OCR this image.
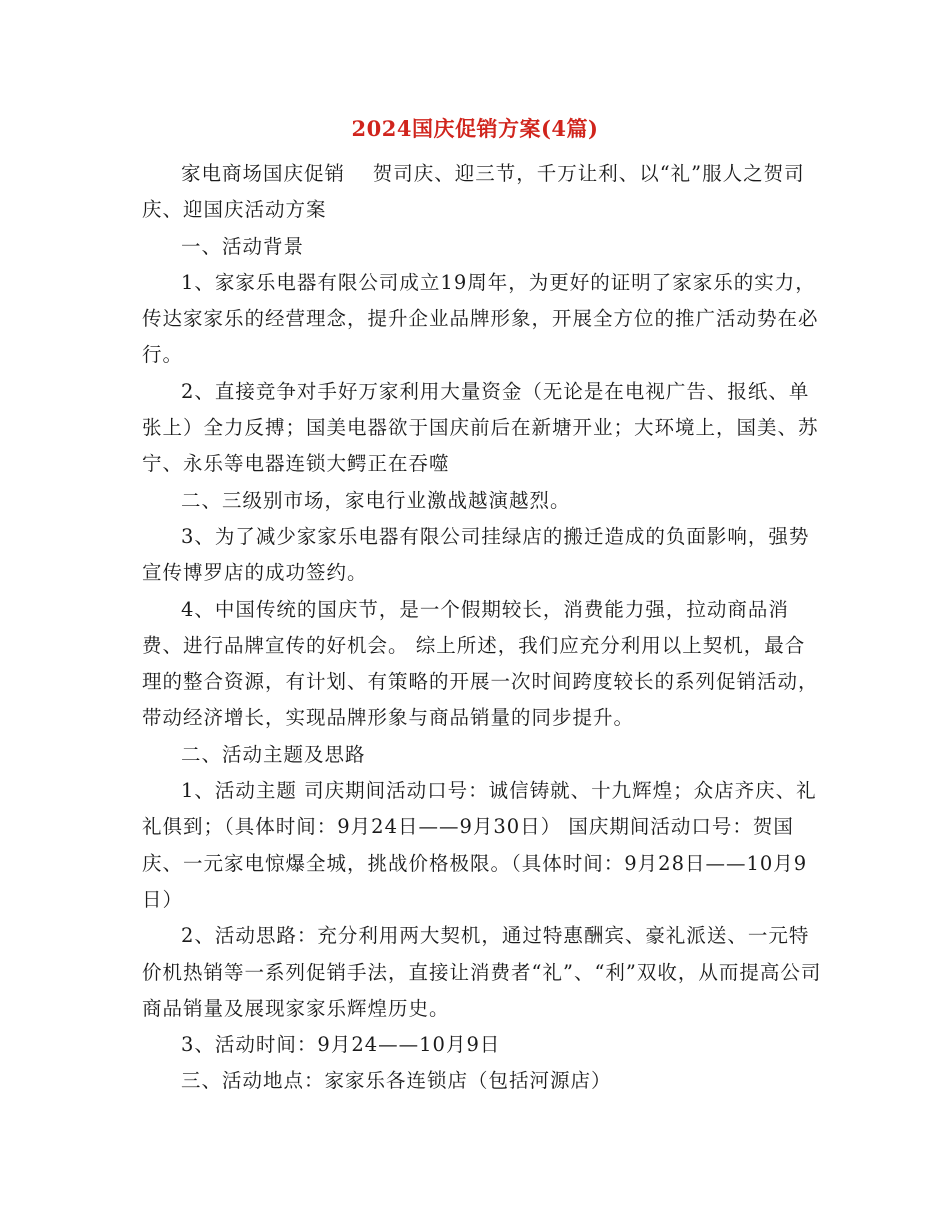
2024国庆促销方案(4篇)

家电商场国庆促销　 贺司庆、迎三节，千万让利、以“礼”服人之贺司庆、迎国庆活动方案

一、活动背景

1、家家乐电器有限公司成立19周年，为更好的证明了家家乐的实力，传达家家乐的经营理念，提升企业品牌形象，开展全方位的推广活动势在必行。

2、直接竞争对手好万家利用大量资金（无论是在电视广告、报纸、单张上）全力反搏；国美电器欲于国庆前后在新塘开业；大环境上，国美、苏宁、永乐等电器连锁大鳄正在吞噬

二、三级别市场，家电行业激战越演越烈。

3、为了减少家家乐电器有限公司挂绿店的搬迁造成的负面影响，强势宣传博罗店的成功签约。

4、中国传统的国庆节，是一个假期较长，消费能力强，拉动商品消费、进行品牌宣传的好机会。 综上所述，我们应充分利用以上契机，最合理的整合资源，有计划、有策略的开展一次时间跨度较长的系列促销活动，带动经济增长，实现品牌形象与商品销量的同步提升。

二、活动主题及思路

1、活动主题 司庆期间活动口号：诚信铸就、十九辉煌；众店齐庆、礼礼俱到；（具体时间：9月24日——9月30日） 国庆期间活动口号：贺国庆、一元家电惊爆全城，挑战价格极限。（具体时间：9月28日——10月9日）

2、活动思路：充分利用两大契机，通过特惠酬宾、豪礼派送、一元特价机热销等一系列促销手法，直接让消费者“礼”、“利”双收，从而提高公司商品销量及展现家家乐辉煌历史。

3、活动时间：9月24——10月9日

三、活动地点：家家乐各连锁店（包括河源店）
